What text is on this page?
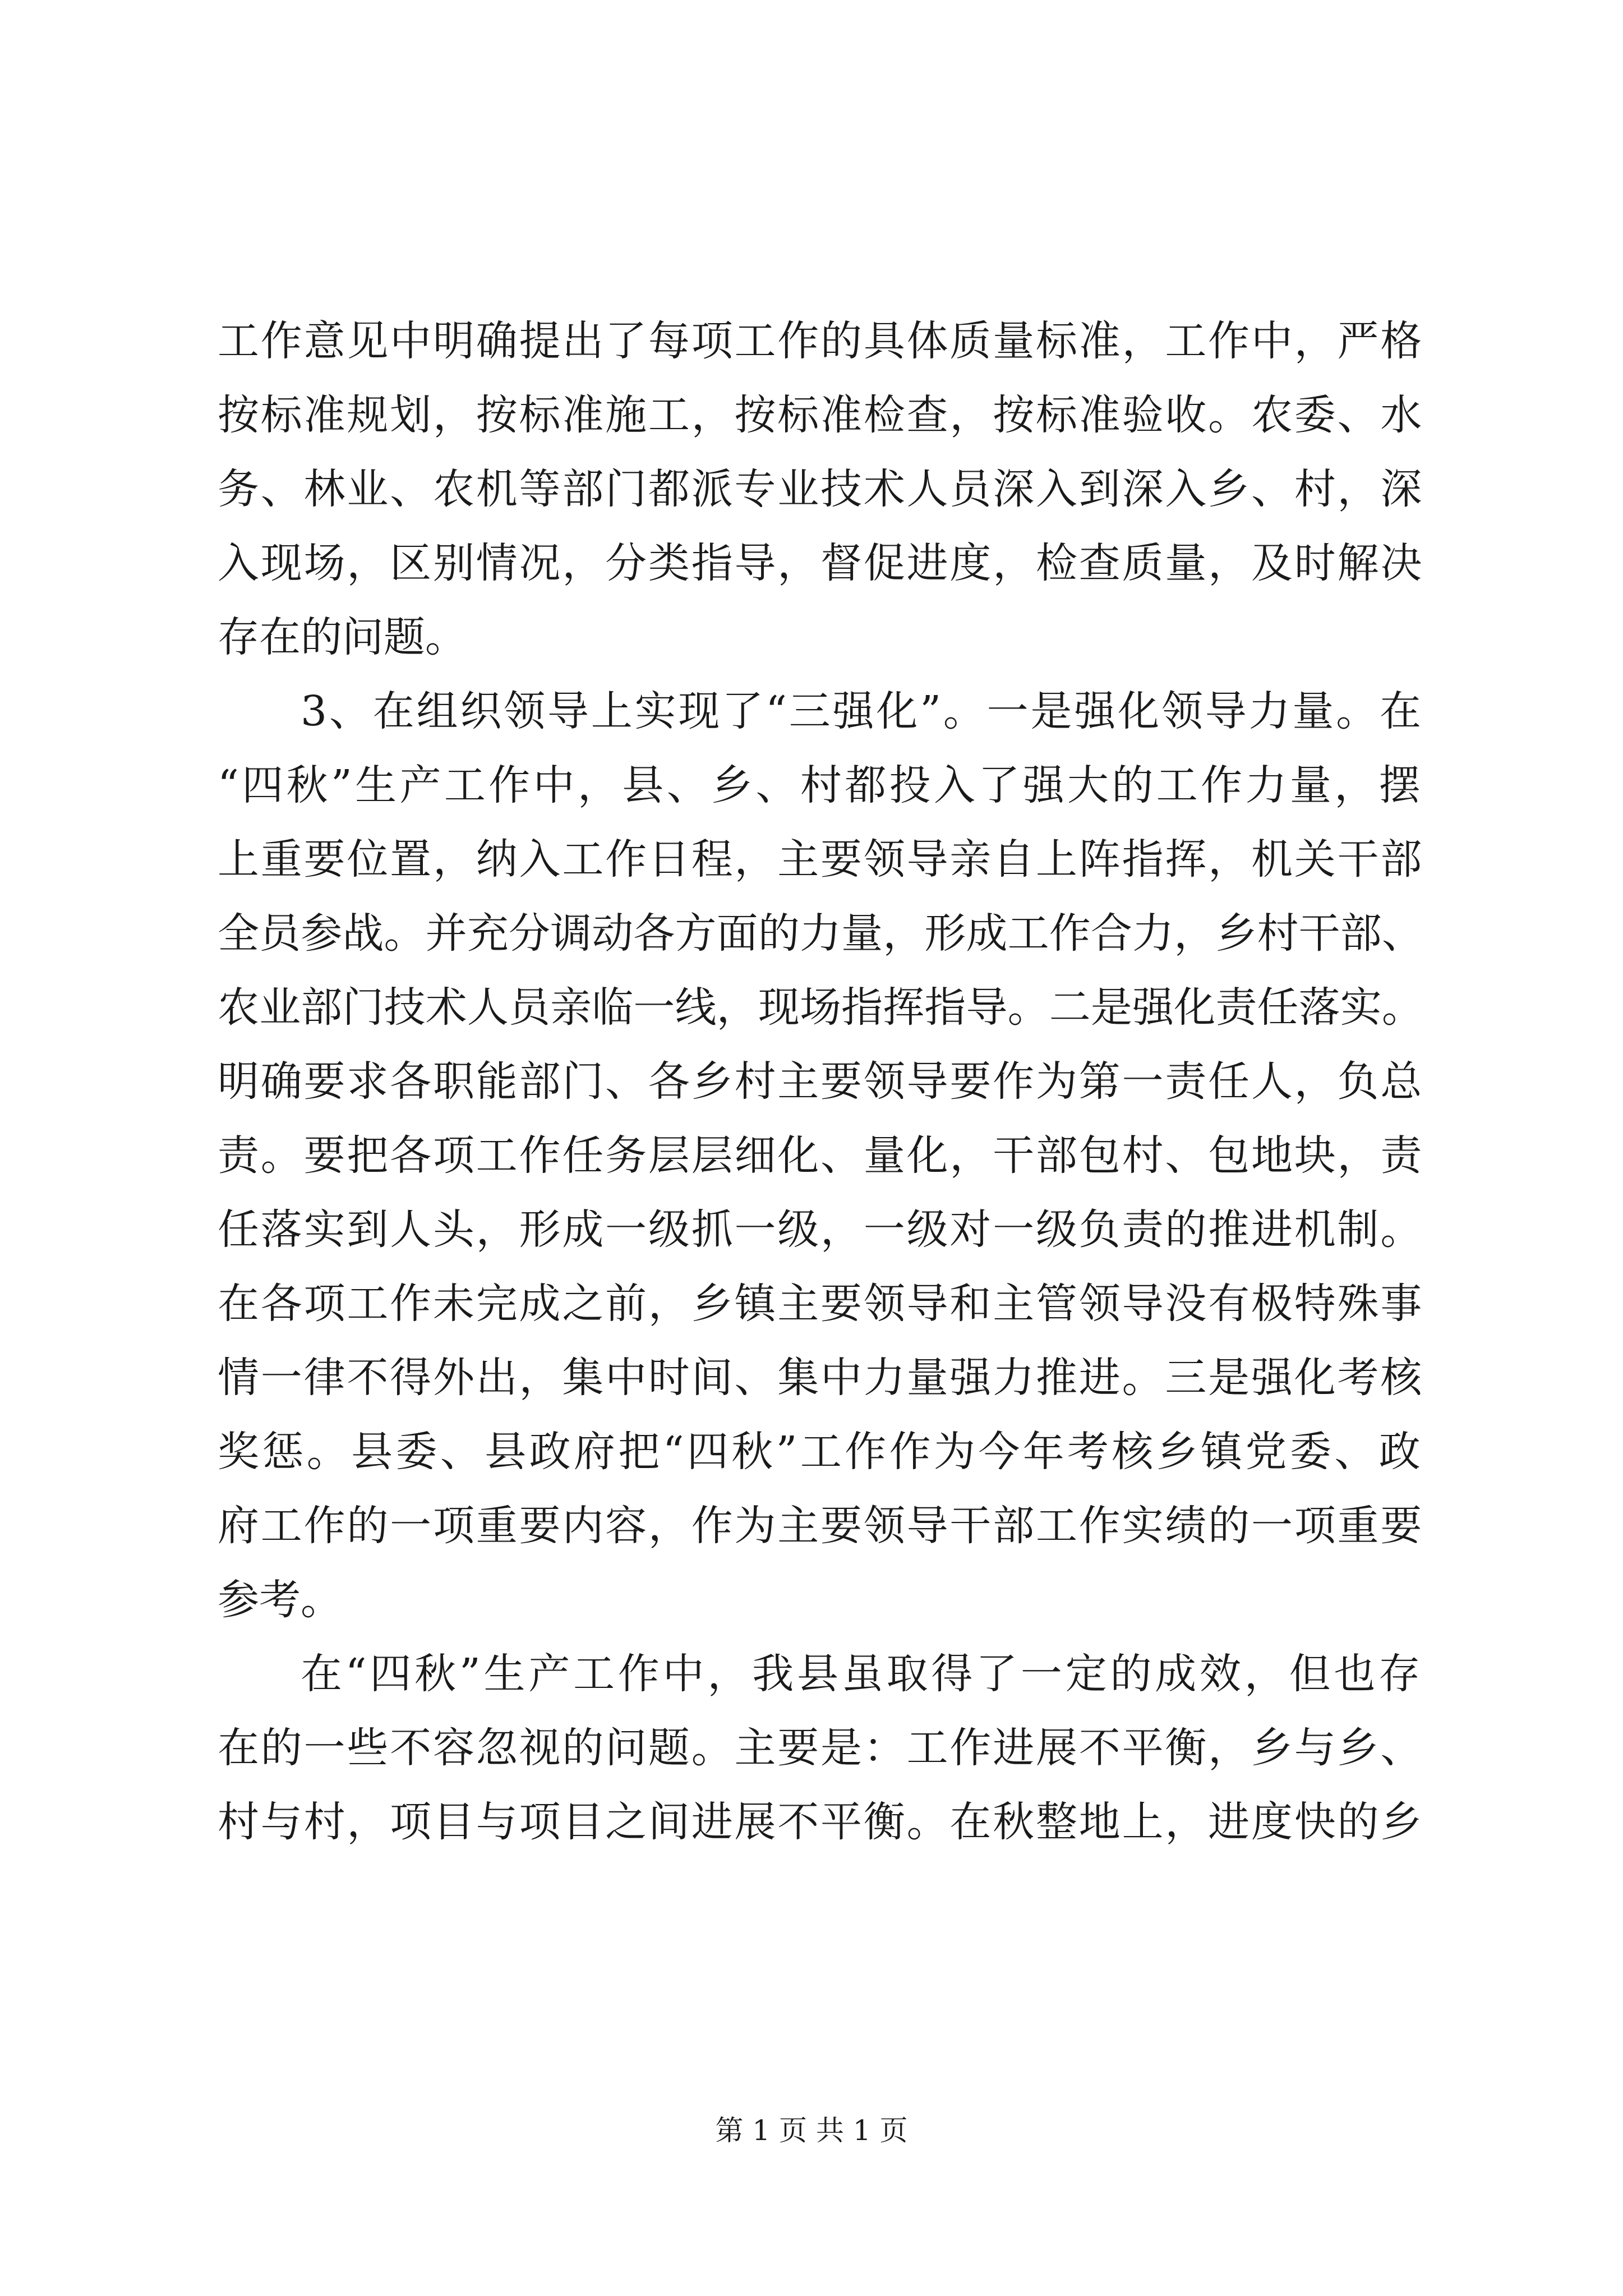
工作意见中明确提出了每项工作的具体质量标准，工作中，严格
按标准规划，按标准施工，按标准检查，按标准验收。农委、水
务、林业、农机等部门都派专业技术人员深入到深入乡、村，深
入现场，区别情况，分类指导，督促进度，检查质量，及时解决
存在的问题。
3、在组织领导上实现了“三强化”。一是强化领导力量。在
“四秋”生产工作中，县、乡、村都投入了强大的工作力量，摆
上重要位置，纳入工作日程，主要领导亲自上阵指挥，机关干部
全员参战。并充分调动各方面的力量，形成工作合力，乡村干部、
农业部门技术人员亲临一线，现场指挥指导。二是强化责任落实。
明确要求各职能部门、各乡村主要领导要作为第一责任人，负总
责。要把各项工作任务层层细化、量化，干部包村、包地块，责
任落实到人头，形成一级抓一级，一级对一级负责的推进机制。
在各项工作未完成之前，乡镇主要领导和主管领导没有极特殊事
情一律不得外出，集中时间、集中力量强力推进。三是强化考核
奖惩。县委、县政府把“四秋”工作作为今年考核乡镇党委、政
府工作的一项重要内容，作为主要领导干部工作实绩的一项重要
参考。
在“四秋”生产工作中，我县虽取得了一定的成效，但也存
在的一些不容忽视的问题。主要是：工作进展不平衡，乡与乡、
村与村，项目与项目之间进展不平衡。在秋整地上，进度快的乡
第 1 页 共 1 页
